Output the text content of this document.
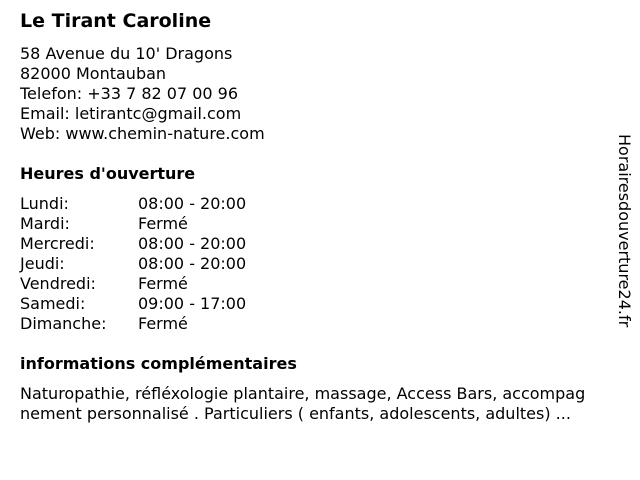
Le Tirant Caroline
58 Avenue du 10' Dragons
82000 Montauban
Telefon: +33 7 82 07 00 96
Email: letirantc@gmail.com
Web: www.chemin-nature.com
Heures d'ouverture
Lundi:	08:00 - 20:00
Mardi:	Fermé
Mercredi:	08:00 - 20:00
Jeudi:	08:00 - 20:00
Vendredi:	Fermé
Samedi:	09:00 - 17:00
Dimanche: Fermé
informations complémentaires
Naturopathie, réfléxologie plantaire, massage, Access Bars, accompag
nement personnalisé . Particuliers ( enfants, adolescents, adultes) ...
Horairesdouverture24.fr
